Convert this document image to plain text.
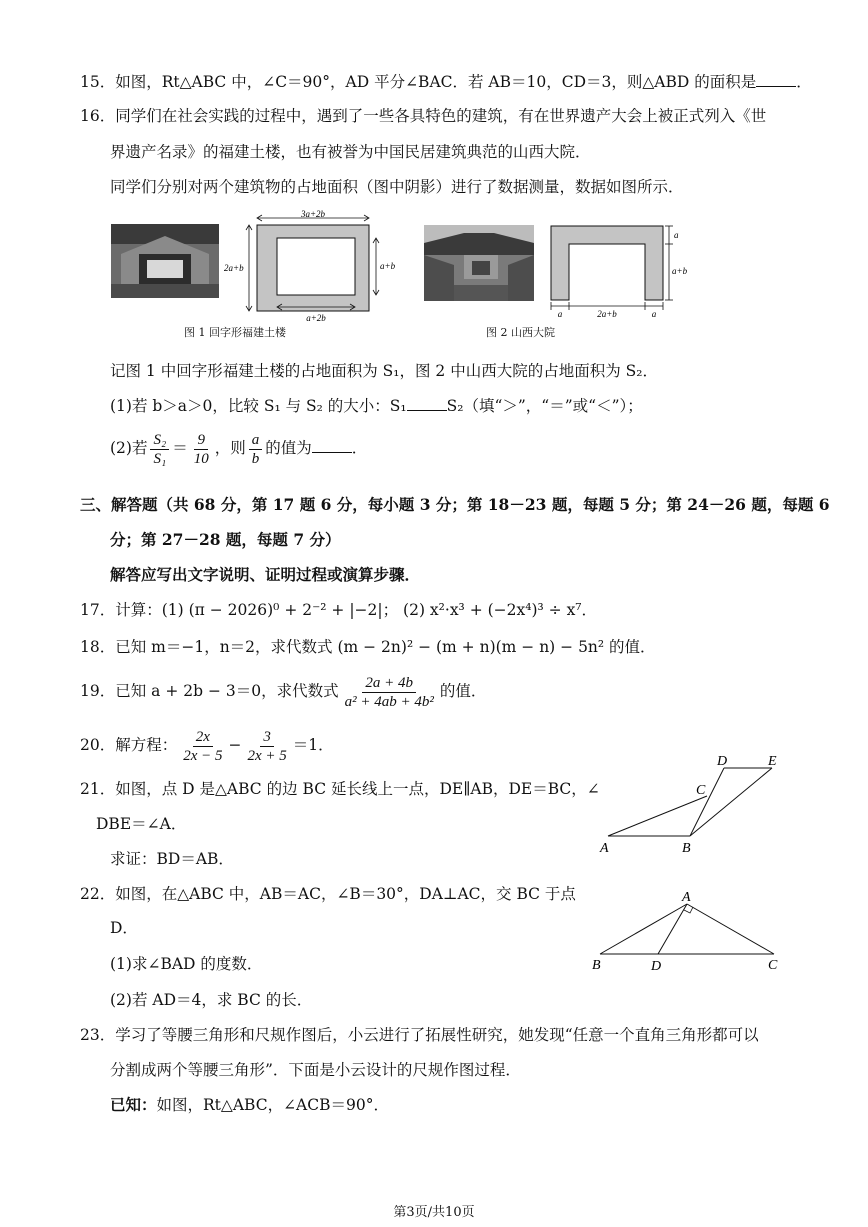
15．如图，Rt△ABC 中，∠C＝90°，AD 平分∠BAC．若 AB＝10，CD＝3，则△ABD 的面积是	．
16．同学们在社会实践的过程中，遇到了一些各具特色的建筑，有在世界遗产大会上被正式列入《世
界遗产名录》的福建土楼，也有被誉为中国民居建筑典范的山西大院．
同学们分别对两个建筑物的占地面积（图中阴影）进行了数据测量，数据如图所示．
3a+2b
2a+b	a+b
a+2b
图 1 回字形福建土楼
a
a+b
a	2a+b	a
图 2 山西大院
记图 1 中回字形福建土楼的占地面积为 S₁，图 2 中山西大院的占地面积为 S₂．
(1)若 b＞a＞0，比较 S₁ 与 S₂ 的大小：S₁	S₂（填“＞”，“＝”或“＜”）；
(2)若 $\frac{\text{S₂}}{\text{S₁}} = \frac{9}{10}$ ，则 $\frac{a}{b}$ 的值为	．
三、解答题（共 68 分，第 17 题 6 分，每小题 3 分；第 18－23 题，每题 5 分；第 24－26 题，每题 6
分；第 27－28 题，每题 7 分）
解答应写出文字说明、证明过程或演算步骤．
17．计算：(1) (π − 2026)⁰ + 2⁻² + |−2|； (2) x²·x³ + (−2x⁴)³ ÷ x⁷．
18．已知 m＝−1，n＝2，求代数式 (m − 2n)² − (m + n)(m − n) − 5n² 的值．
19．已知 a + 2b − 3＝0，求代数式 $\frac{2a + 4b}{\text{a² + 4ab + 4b²}}$ 的值．
20．解方程： $\frac{2x}{2x - 5} - \frac{3}{2x + 5} =1$．
21．如图，点 D 是△ABC 的边 BC 延长线上一点，DE∥AB，DE＝BC，∠
DBE＝∠A．
求证：BD＝AB．
A	B
C
D	E
22．如图，在△ABC 中，AB＝AC，∠B＝30°，DA⊥AC，交 BC 于点
D．
(1)求∠BAD 的度数．
(2)若 AD＝4，求 BC 的长．
A
B	D	C
23．学习了等腰三角形和尺规作图后，小云进行了拓展性研究，她发现“任意一个直角三角形都可以
分割成两个等腰三角形”．下面是小云设计的尺规作图过程．
已知：如图，Rt△ABC，∠ACB＝90°．
第3页/共10页
